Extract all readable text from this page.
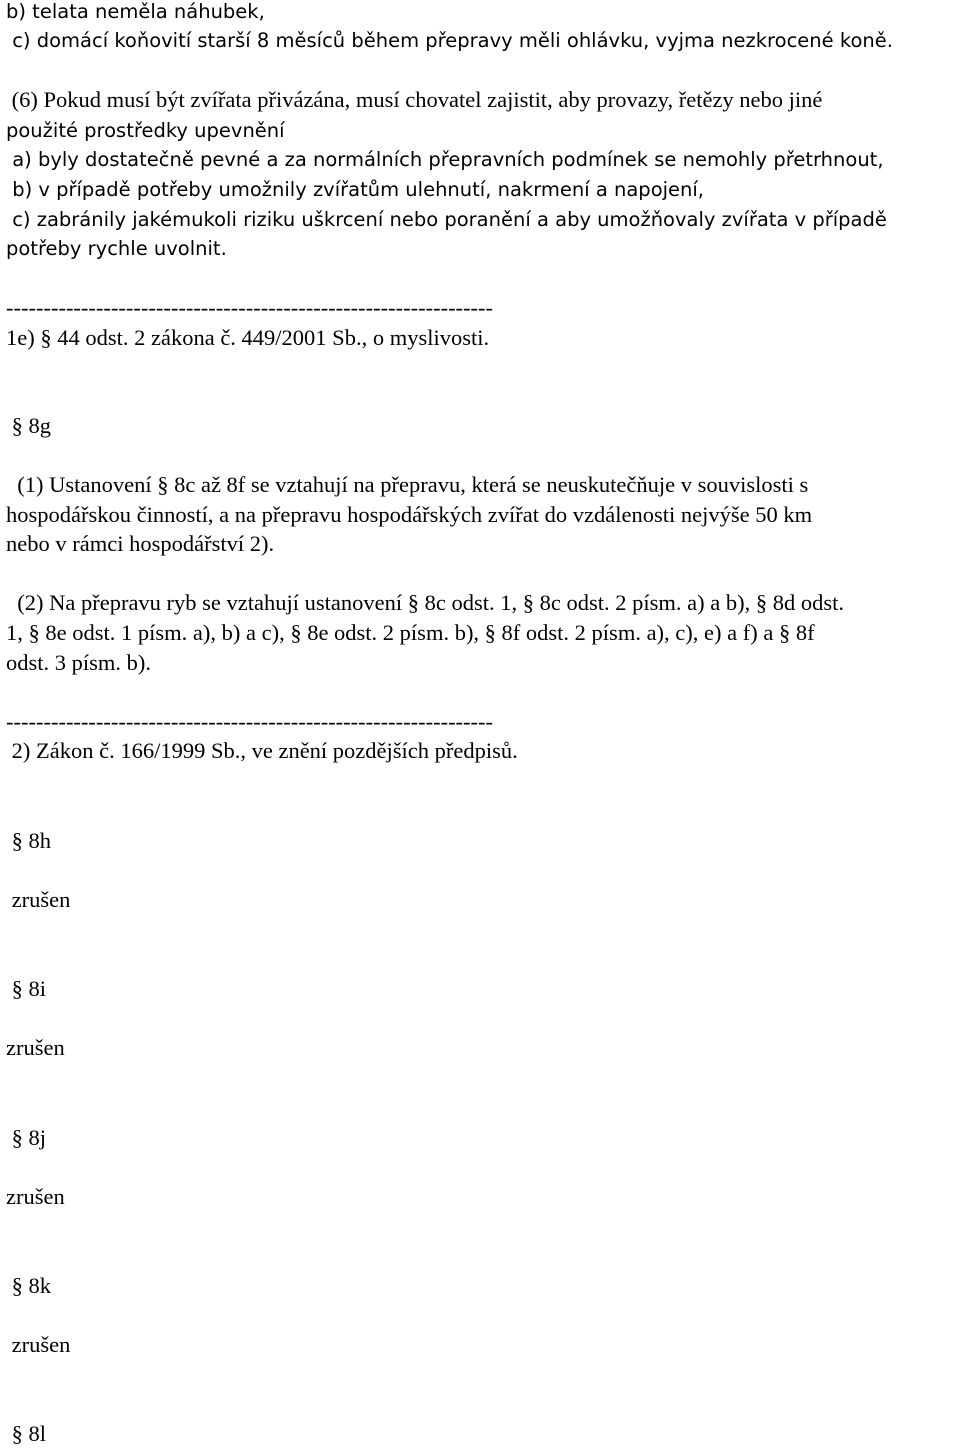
b) telata neměla náhubek,
c) domácí koňovití starší 8 měsíců během přepravy měli ohlávku, vyjma nezkrocené koně.
(6) Pokud musí být zvířata přivázána, musí chovatel zajistit, aby provazy, řetězy nebo jiné
použité prostředky upevnění
a) byly dostatečně pevné a za normálních přepravních podmínek se nemohly přetrhnout,
b) v případě potřeby umožnily zvířatům ulehnutí, nakrmení a napojení,
c) zabránily jakémukoli riziku uškrcení nebo poranění a aby umožňovaly zvířata v případě
potřeby rychle uvolnit.
-----------------------------------------------------------------
1e) § 44 odst. 2 zákona č. 449/2001 Sb., o myslivosti.
§ 8g
(1) Ustanovení § 8c až 8f se vztahují na přepravu, která se neuskutečňuje v souvislosti s
hospodářskou činností, a na přepravu hospodářských zvířat do vzdálenosti nejvýše 50 km
nebo v rámci hospodářství 2).
(2) Na přepravu ryb se vztahují ustanovení § 8c odst. 1, § 8c odst. 2 písm. a) a b), § 8d odst.
1, § 8e odst. 1 písm. a), b) a c), § 8e odst. 2 písm. b), § 8f odst. 2 písm. a), c), e) a f) a § 8f
odst. 3 písm. b).
-----------------------------------------------------------------
2) Zákon č. 166/1999 Sb., ve znění pozdějších předpisů.
§ 8h
zrušen
§ 8i
zrušen
§ 8j
zrušen
§ 8k
zrušen
§ 8l
